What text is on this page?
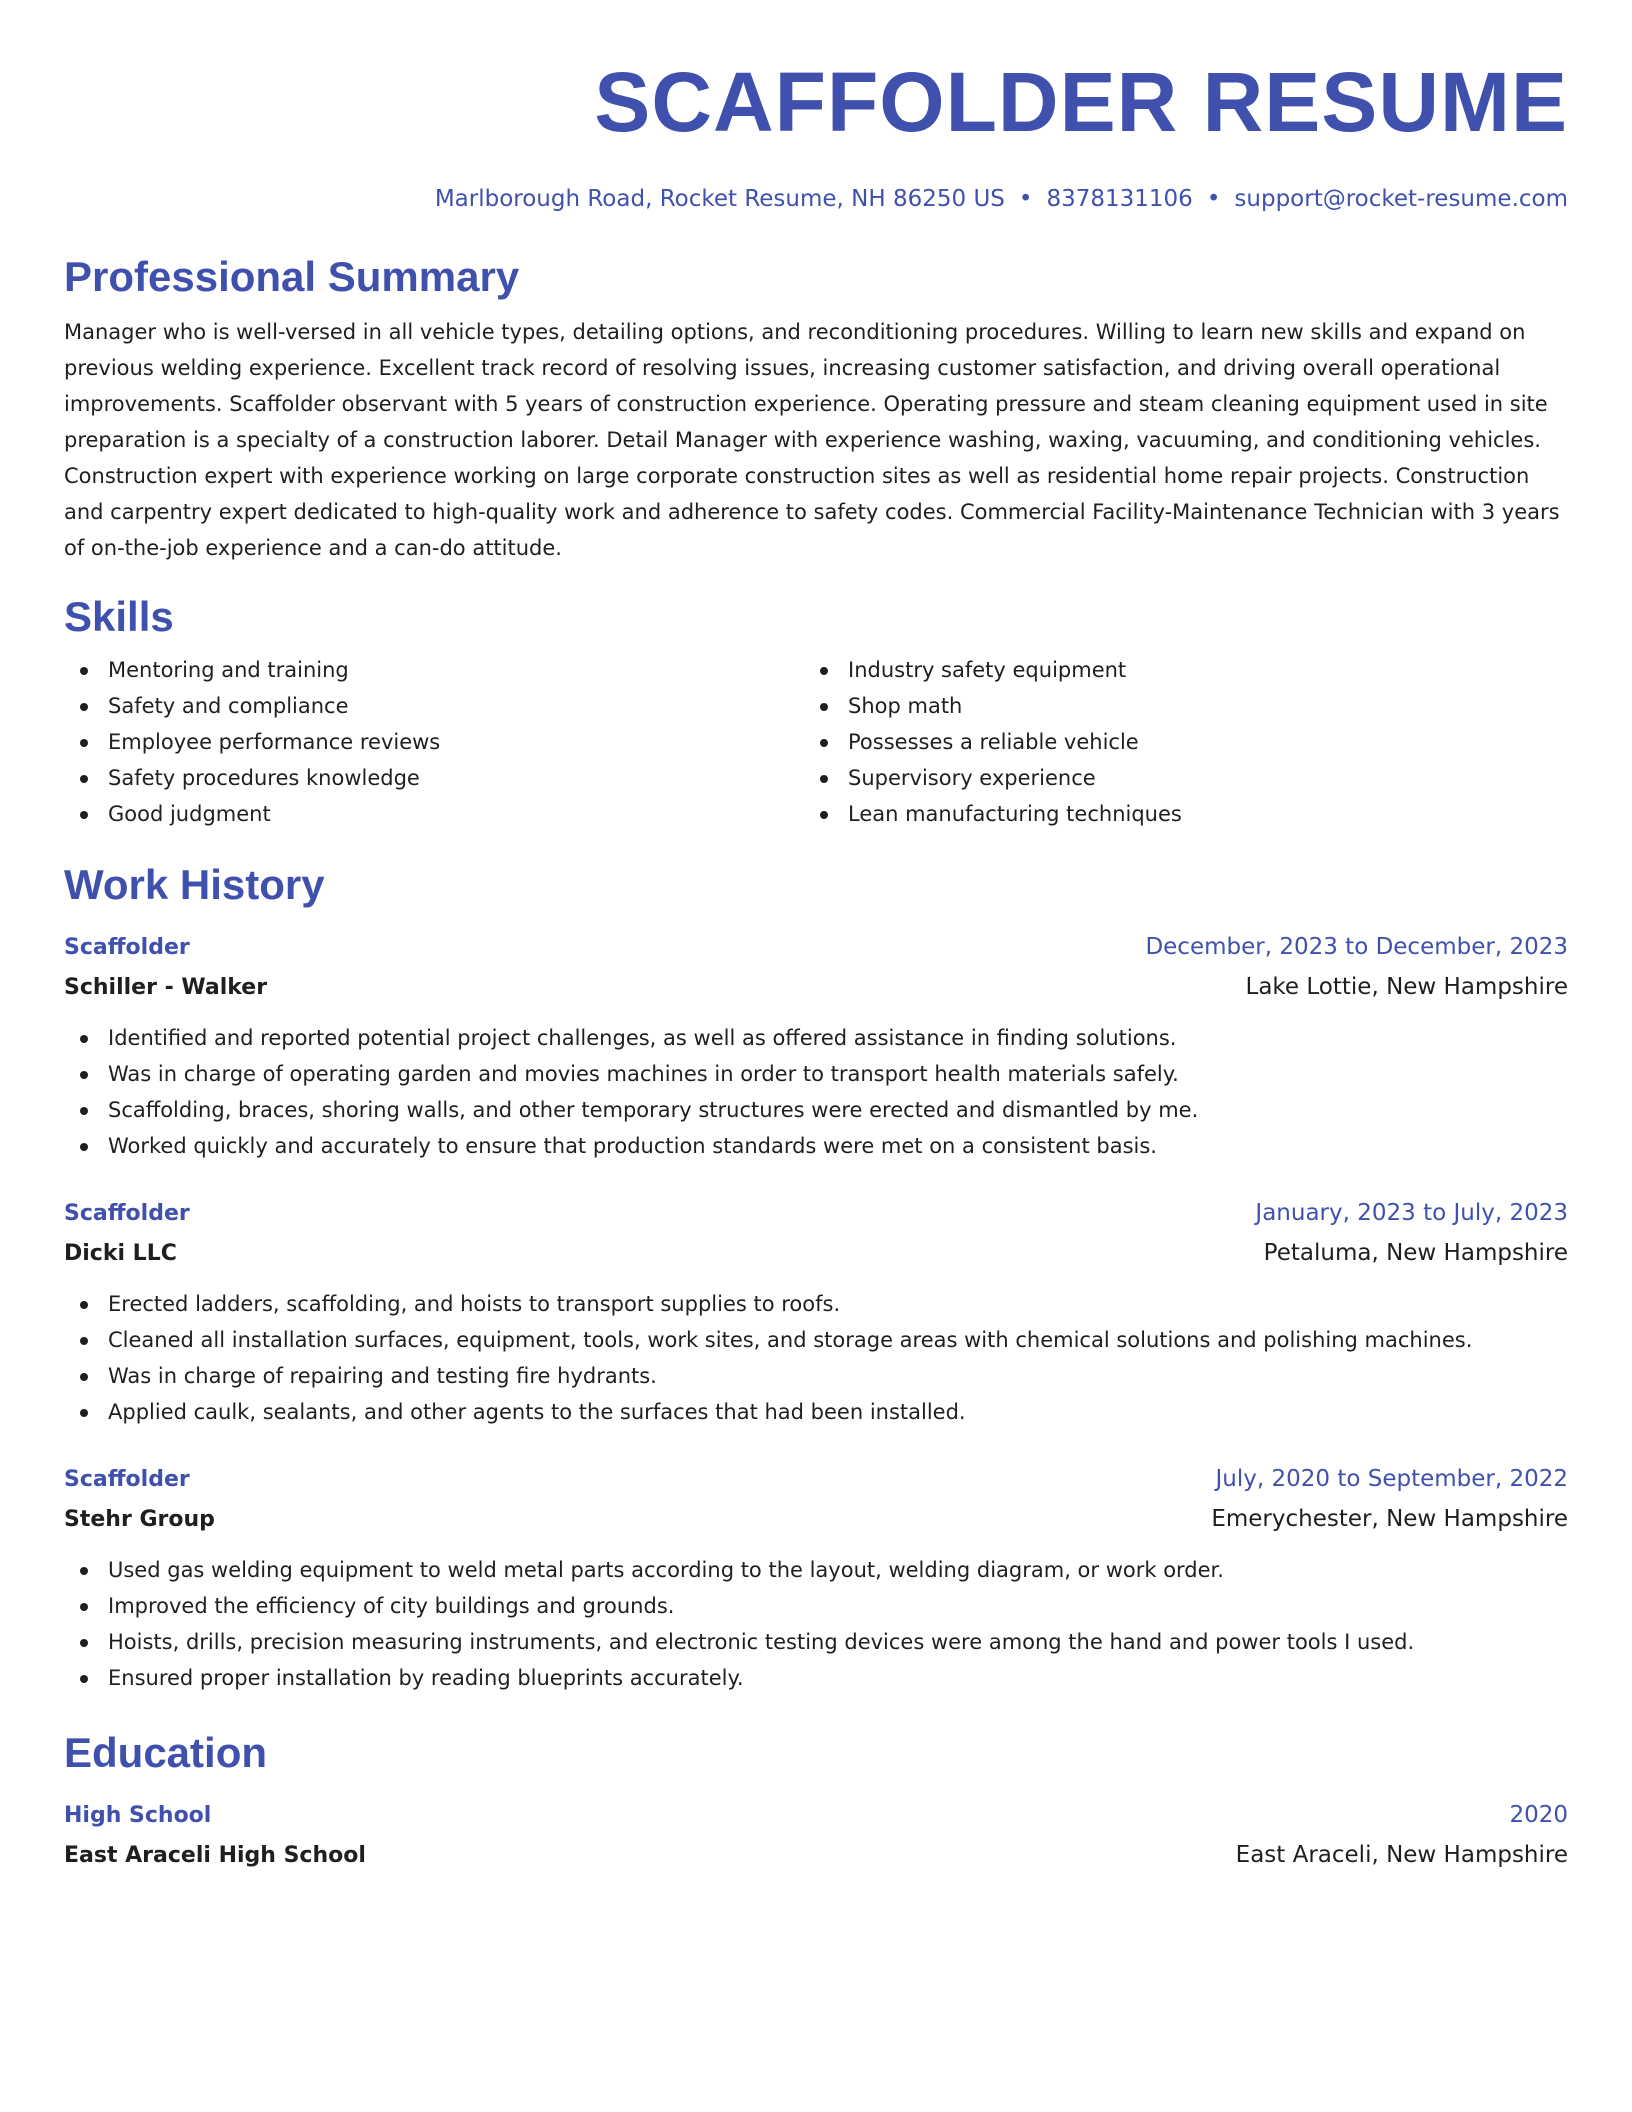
SCAFFOLDER RESUME
Marlborough Road, Rocket Resume, NH 86250 US • 8378131106 • support@rocket-resume.com
Professional Summary

Manager who is well-versed in all vehicle types, detailing options, and reconditioning procedures. Willing to learn new skills and expand on previous welding experience. Excellent track record of resolving issues, increasing customer satisfaction, and driving overall operational improvements. Scaffolder observant with 5 years of construction experience. Operating pressure and steam cleaning equipment used in site preparation is a specialty of a construction laborer. Detail Manager with experience washing, waxing, vacuuming, and conditioning vehicles. Construction expert with experience working on large corporate construction sites as well as residential home repair projects. Construction and carpentry expert dedicated to high-quality work and adherence to safety codes. Commercial Facility-Maintenance Technician with 3 years of on-the-job experience and a can-do attitude.

Skills
Mentoring and training
Safety and compliance
Employee performance reviews
Safety procedures knowledge
Good judgment
Industry safety equipment
Shop math
Possesses a reliable vehicle
Supervisory experience
Lean manufacturing techniques
Work History
Scaffolder	December, 2023 to December, 2023
Schiller - Walker	Lake Lottie, New Hampshire
Identified and reported potential project challenges, as well as offered assistance in finding solutions.
Was in charge of operating garden and movies machines in order to transport health materials safely.
Scaffolding, braces, shoring walls, and other temporary structures were erected and dismantled by me.
Worked quickly and accurately to ensure that production standards were met on a consistent basis.
Scaffolder	January, 2023 to July, 2023
Dicki LLC	Petaluma, New Hampshire
Erected ladders, scaffolding, and hoists to transport supplies to roofs.
Cleaned all installation surfaces, equipment, tools, work sites, and storage areas with chemical solutions and polishing machines.
Was in charge of repairing and testing fire hydrants.
Applied caulk, sealants, and other agents to the surfaces that had been installed.
Scaffolder	July, 2020 to September, 2022
Stehr Group	Emerychester, New Hampshire
Used gas welding equipment to weld metal parts according to the layout, welding diagram, or work order.
Improved the efficiency of city buildings and grounds.
Hoists, drills, precision measuring instruments, and electronic testing devices were among the hand and power tools I used.
Ensured proper installation by reading blueprints accurately.
Education
High School	2020
East Araceli High School	East Araceli, New Hampshire
